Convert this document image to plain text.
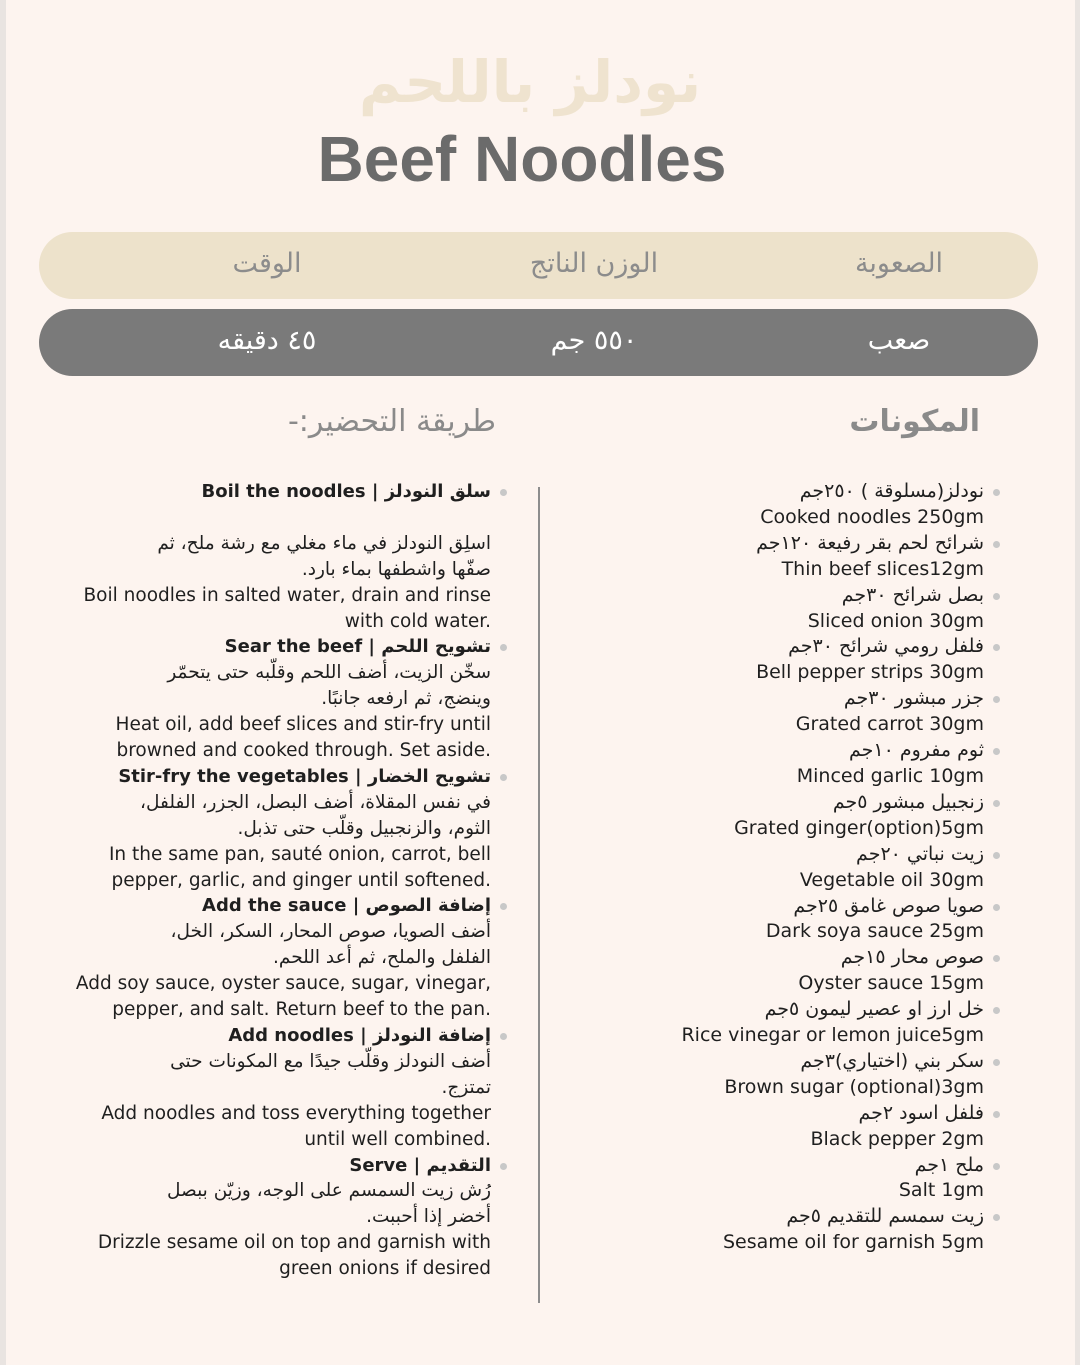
نودلز باللحم
Beef Noodles
الصعوبة
الوزن الناتج
الوقت
صعب
٥٥٠ جم
٤٥ دقيقه
المكونات
طريقة التحضير:-
نودلز(مسلوقة ) ٢٥٠جم
Cooked noodles 250gm
شرائح لحم بقر رفيعة ١٢٠جم
Thin beef slices12gm
بصل شرائح ٣٠جم
Sliced onion 30gm
فلفل رومي شرائح ٣٠جم
Bell pepper strips 30gm
جزر مبشور ٣٠جم
Grated carrot 30gm
ثوم مفروم ١٠جم
Minced garlic 10gm
زنجبيل مبشور ٥جم
Grated ginger(option)5gm
زيت نباتي ٢٠جم
Vegetable oil 30gm
صويا صوص غامق ٢٥جم
Dark soya sauce 25gm
صوص محار ١٥جم
Oyster sauce 15gm
خل ارز او عصير ليمون ٥جم
Rice vinegar or lemon juice5gm
سكر بني (اختياري)٣جم
Brown sugar (optional)3gm
فلفل اسود ٢جم
Black pepper 2gm
ملح ١جم
Salt 1gm
زيت سمسم للتقديم ٥جم
Sesame oil for garnish 5gm
سلق النودلز | Boil the noodles
اسلِق النودلز في ماء مغلي مع رشة ملح، ثم
صفّها واشطفها بماء بارد.
Boil noodles in salted water, drain and rinse
with cold water.
تشويح اللحم | Sear the beef
سخّن الزيت، أضف اللحم وقلّبه حتى يتحمّر
وينضج، ثم ارفعه جانبًا.
Heat oil, add beef slices and stir-fry until
browned and cooked through. Set aside.
تشويح الخضار | Stir-fry the vegetables
في نفس المقلاة، أضف البصل، الجزر، الفلفل،
الثوم، والزنجبيل وقلّب حتى تذبل.
In the same pan, sauté onion, carrot, bell
pepper, garlic, and ginger until softened.
إضافة الصوص | Add the sauce
أضف الصويا، صوص المحار، السكر، الخل،
الفلفل والملح، ثم أعد اللحم.
Add soy sauce, oyster sauce, sugar, vinegar,
pepper, and salt. Return beef to the pan.
إضافة النودلز | Add noodles
أضف النودلز وقلّب جيدًا مع المكونات حتى
تمتزج.
Add noodles and toss everything together
until well combined.
التقديم | Serve
رُش زيت السمسم على الوجه، وزيّن ببصل
أخضر إذا أحببت.
Drizzle sesame oil on top and garnish with
green onions if desired
